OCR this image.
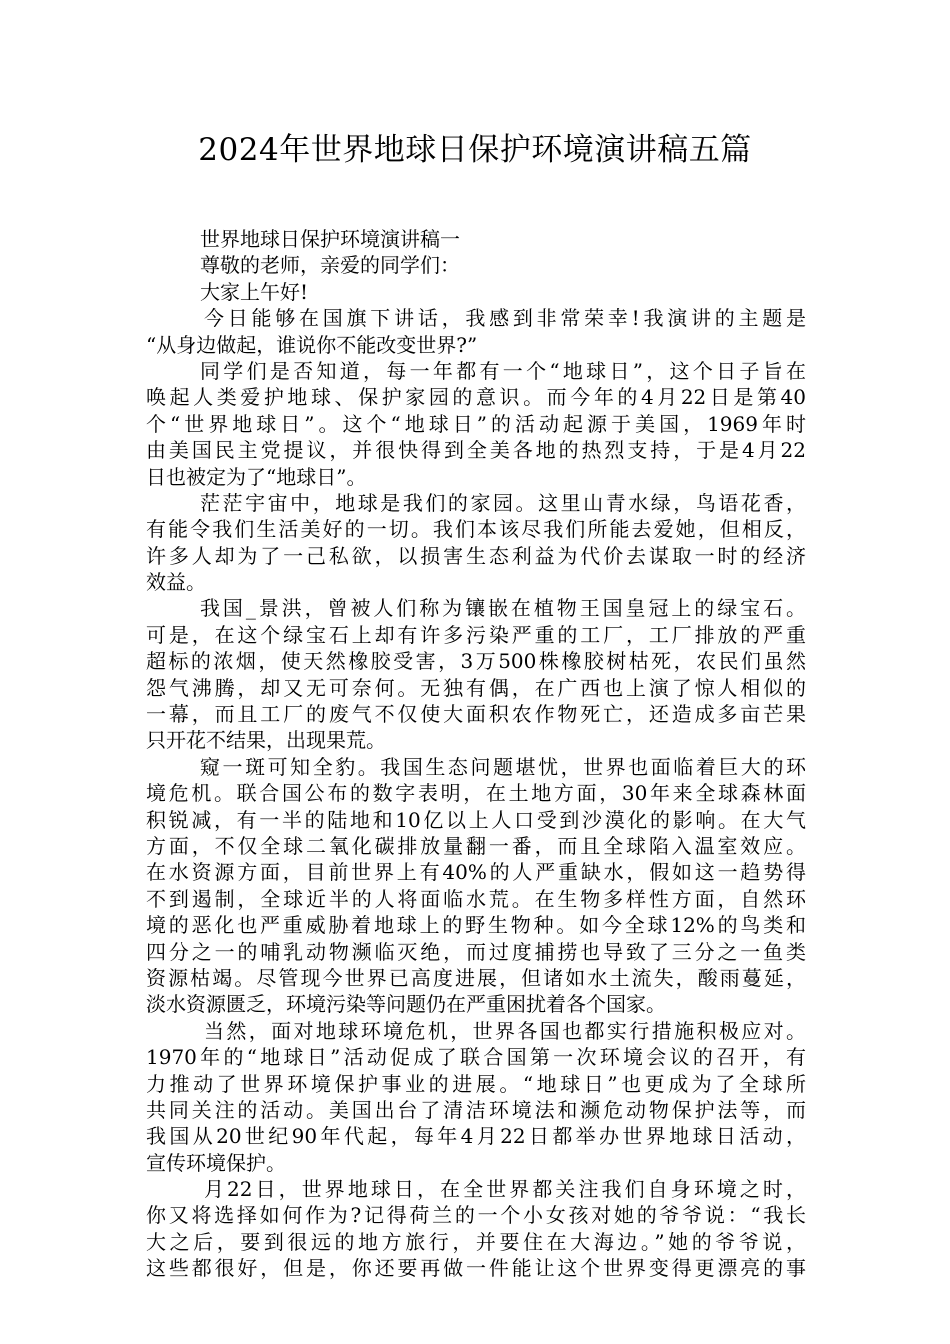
2024年世界地球日保护环境演讲稿五篇
世界地球日保护环境演讲稿一
尊敬的老师，亲爱的同学们：
大家上午好!
今日能够在国旗下讲话，我感到非常荣幸!我演讲的主题是
“从身边做起，谁说你不能改变世界?”
同学们是否知道，每一年都有一个“地球日”，这个日子旨在
唤起人类爱护地球、保护家园的意识。而今年的4月22日是第40
个“世界地球日”。这个“地球日”的活动起源于美国，1969年时
由美国民主党提议，并很快得到全美各地的热烈支持，于是4月22
日也被定为了“地球日”。
茫茫宇宙中，地球是我们的家园。这里山青水绿，鸟语花香，
有能令我们生活美好的一切。我们本该尽我们所能去爱她，但相反，
许多人却为了一己私欲，以损害生态利益为代价去谋取一时的经济
效益。
我国_景洪，曾被人们称为镶嵌在植物王国皇冠上的绿宝石。
可是，在这个绿宝石上却有许多污染严重的工厂，工厂排放的严重
超标的浓烟，使天然橡胶受害，3万500株橡胶树枯死，农民们虽然
怨气沸腾，却又无可奈何。无独有偶，在广西也上演了惊人相似的
一幕，而且工厂的废气不仅使大面积农作物死亡，还造成多亩芒果
只开花不结果，出现果荒。
窥一斑可知全豹。我国生态问题堪忧，世界也面临着巨大的环
境危机。联合国公布的数字表明，在土地方面，30年来全球森林面
积锐减，有一半的陆地和10亿以上人口受到沙漠化的影响。在大气
方面，不仅全球二氧化碳排放量翻一番，而且全球陷入温室效应。
在水资源方面，目前世界上有40%的人严重缺水，假如这一趋势得
不到遏制，全球近半的人将面临水荒。在生物多样性方面，自然环
境的恶化也严重威胁着地球上的野生物种。如今全球12%的鸟类和
四分之一的哺乳动物濒临灭绝，而过度捕捞也导致了三分之一鱼类
资源枯竭。尽管现今世界已高度进展，但诸如水土流失，酸雨蔓延，
淡水资源匮乏，环境污染等问题仍在严重困扰着各个国家。
当然，面对地球环境危机，世界各国也都实行措施积极应对。
1970年的“地球日”活动促成了联合国第一次环境会议的召开，有
力推动了世界环境保护事业的进展。“地球日”也更成为了全球所
共同关注的活动。美国出台了清洁环境法和濒危动物保护法等，而
我国从20世纪90年代起，每年4月22日都举办世界地球日活动，
宣传环境保护。
月22日，世界地球日，在全世界都关注我们自身环境之时，
你又将选择如何作为?记得荷兰的一个小女孩对她的爷爷说：“我长
大之后，要到很远的地方旅行，并要住在大海边。”她的爷爷说，
这些都很好，但是，你还要再做一件能让这个世界变得更漂亮的事
